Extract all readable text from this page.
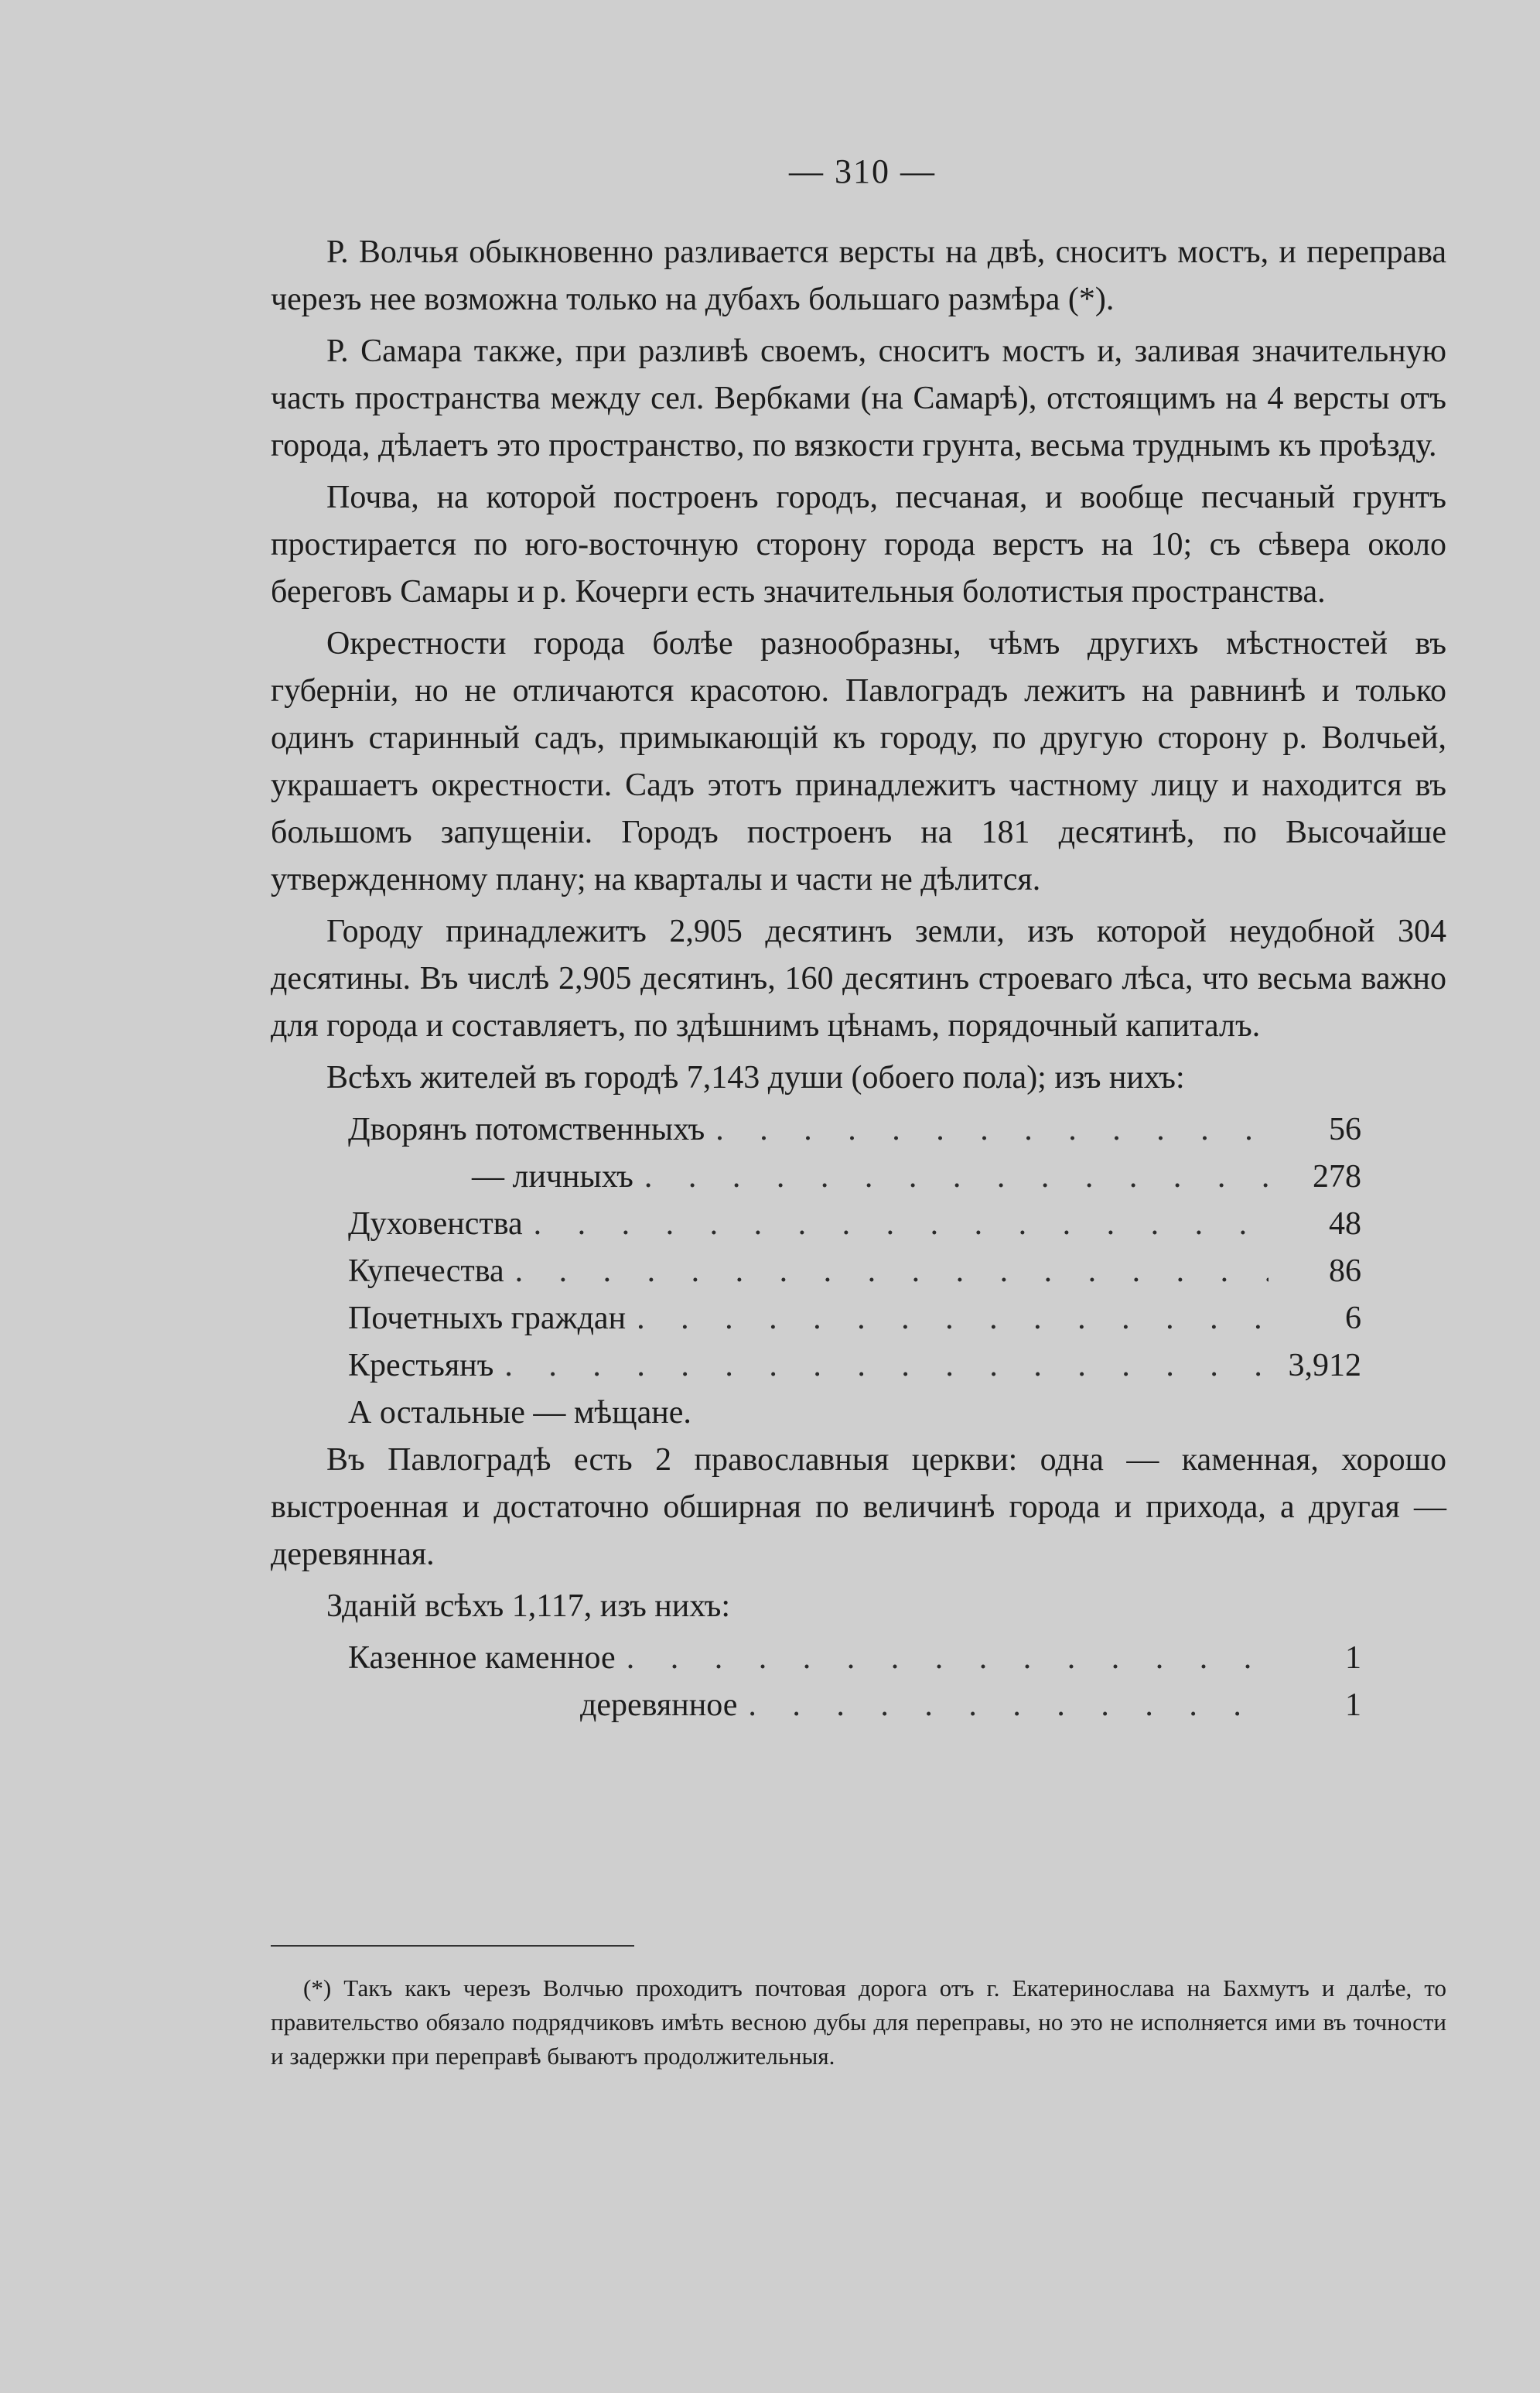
— 310 —

Р. Волчья обыкновенно разливается версты на двѣ, сноситъ мостъ, и переправа черезъ нее возможна только на дубахъ большаго размѣра (*).

Р. Самара также, при разливѣ своемъ, сноситъ мостъ и, заливая значительную часть пространства между сел. Вербками (на Самарѣ), отстоящимъ на 4 версты отъ города, дѣлаетъ это пространство, по вязкости грунта, весьма труднымъ къ проѣзду.

Почва, на которой построенъ городъ, песчаная, и вообще песчаный грунтъ простирается по юго-восточную сторону города верстъ на 10; съ сѣвера около береговъ Самары и р. Кочерги есть значительныя болотистыя пространства.

Окрестности города болѣе разнообразны, чѣмъ другихъ мѣстностей въ губерніи, но не отличаются красотою. Павлоградъ лежитъ на равнинѣ и только одинъ старинный садъ, примыкающій къ городу, по другую сторону р. Волчьей, украшаетъ окрестности. Садъ этотъ принадлежитъ частному лицу и находится въ большомъ запущеніи. Городъ построенъ на 181 десятинѣ, по Высочайше утвержденному плану; на кварталы и части не дѣлится.

Городу принадлежитъ 2,905 десятинъ земли, изъ которой неудобной 304 десятины. Въ числѣ 2,905 десятинъ, 160 десятинъ строеваго лѣса, что весьма важно для города и составляетъ, по здѣшнимъ цѣнамъ, порядочный капиталъ.

Всѣхъ жителей въ городѣ 7,143 души (обоего пола); изъ нихъ:

Дворянъ потомственныхъ . . .	56
— личныхъ . . .	278
Духовенства . . .	48
Купечества . . .	86
Почетныхъ граждан . . .	6
Крестьянъ . . .	3,912
А остальные — мѣщане.

Въ Павлоградѣ есть 2 православныя церкви: одна — каменная, хорошо выстроенная и достаточно обширная по величинѣ города и прихода, а другая — деревянная.

Зданій всѣхъ 1,117, изъ нихъ:

Казенное каменное . . .	1
деревянное . . .	1

(*) Такъ какъ черезъ Волчью проходитъ почтовая дорога отъ г. Екатеринослава на Бахмутъ и далѣе, то правительство обязало подрядчиковъ имѣть весною дубы для переправы, но это не исполняется ими въ точности и задержки при переправѣ бываютъ продолжительныя.
